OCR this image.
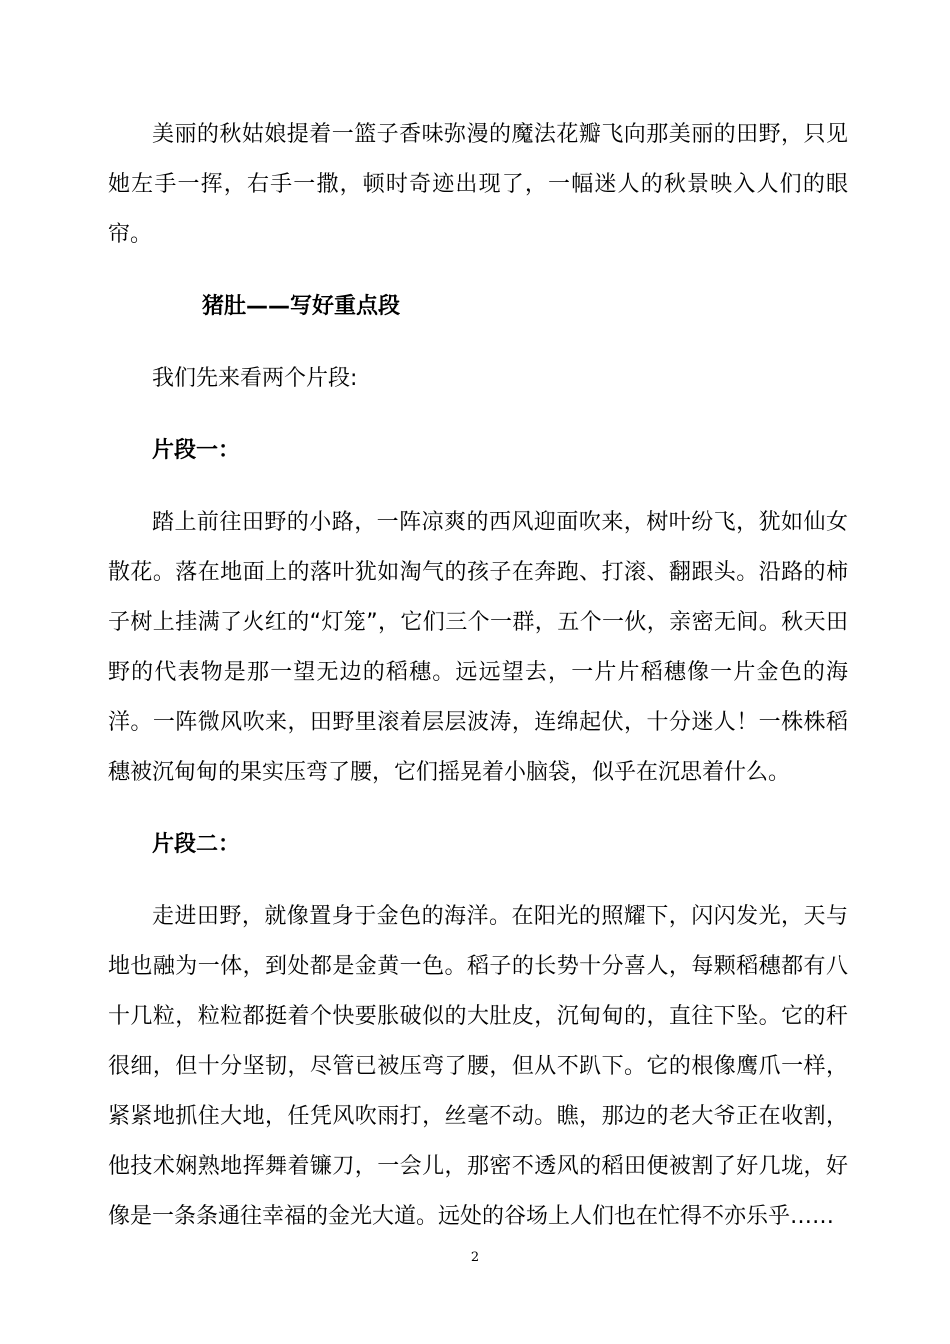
美丽的秋姑娘提着一篮子香味弥漫的魔法花瓣飞向那美丽的田野，只见她左手一挥，右手一撒，顿时奇迹出现了，一幅迷人的秋景映入人们的眼帘。

猪肚——写好重点段

我们先来看两个片段:

片段一：

踏上前往田野的小路，一阵凉爽的西风迎面吹来，树叶纷飞，犹如仙女散花。落在地面上的落叶犹如淘气的孩子在奔跑、打滚、翻跟头。沿路的柿子树上挂满了火红的“灯笼”，它们三个一群，五个一伙，亲密无间。秋天田野的代表物是那一望无边的稻穗。远远望去，一片片稻穗像一片金色的海洋。一阵微风吹来，田野里滚着层层波涛，连绵起伏，十分迷人！一株株稻穗被沉甸甸的果实压弯了腰，它们摇晃着小脑袋，似乎在沉思着什么。

片段二：

走进田野，就像置身于金色的海洋。在阳光的照耀下，闪闪发光，天与地也融为一体，到处都是金黄一色。稻子的长势十分喜人，每颗稻穗都有八十几粒，粒粒都挺着个快要胀破似的大肚皮，沉甸甸的，直往下坠。它的秆很细，但十分坚韧，尽管已被压弯了腰，但从不趴下。它的根像鹰爪一样，紧紧地抓住大地，任凭风吹雨打，丝毫不动。瞧，那边的老大爷正在收割，他技术娴熟地挥舞着镰刀，一会儿，那密不透风的稻田便被割了好几垅，好像是一条条通往幸福的金光大道。远处的谷场上人们也在忙得不亦乐乎……

2
